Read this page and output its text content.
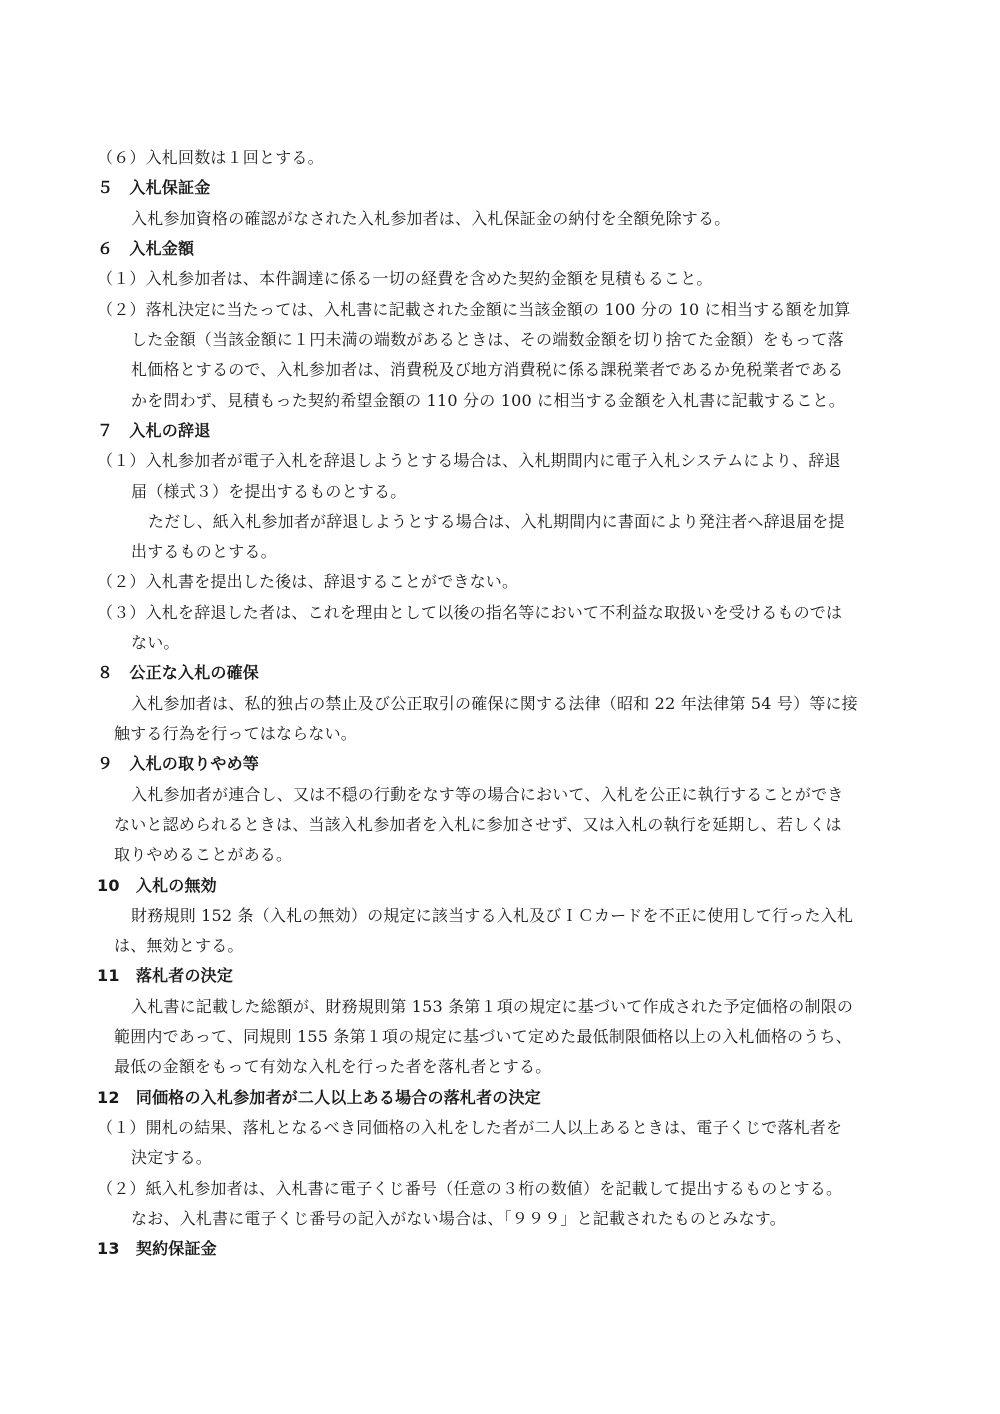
（６）入札回数は１回とする。
５　入札保証金
入札参加資格の確認がなされた入札参加者は、入札保証金の納付を全額免除する。
６　入札金額
（１）入札参加者は、本件調達に係る一切の経費を含めた契約金額を見積もること。
（２）落札決定に当たっては、入札書に記載された金額に当該金額の 100 分の 10 に相当する額を加算
した金額（当該金額に１円未満の端数があるときは、その端数金額を切り捨てた金額）をもって落
札価格とするので、入札参加者は、消費税及び地方消費税に係る課税業者であるか免税業者である
かを問わず、見積もった契約希望金額の 110 分の 100 に相当する金額を入札書に記載すること。
７　入札の辞退
（１）入札参加者が電子入札を辞退しようとする場合は、入札期間内に電子入札システムにより、辞退
届（様式３）を提出するものとする。
ただし、紙入札参加者が辞退しようとする場合は、入札期間内に書面により発注者へ辞退届を提
出するものとする。
（２）入札書を提出した後は、辞退することができない。
（３）入札を辞退した者は、これを理由として以後の指名等において不利益な取扱いを受けるものでは
ない。
８　公正な入札の確保
入札参加者は、私的独占の禁止及び公正取引の確保に関する法律（昭和 22 年法律第 54 号）等に接
触する行為を行ってはならない。
９　入札の取りやめ等
入札参加者が連合し、又は不穏の行動をなす等の場合において、入札を公正に執行することができ
ないと認められるときは、当該入札参加者を入札に参加させず、又は入札の執行を延期し、若しくは
取りやめることがある。
10　入札の無効
財務規則 152 条（入札の無効）の規定に該当する入札及びＩＣカードを不正に使用して行った入札
は、無効とする。
11　落札者の決定
入札書に記載した総額が、財務規則第 153 条第１項の規定に基づいて作成された予定価格の制限の
範囲内であって、同規則 155 条第１項の規定に基づいて定めた最低制限価格以上の入札価格のうち、
最低の金額をもって有効な入札を行った者を落札者とする。
12　同価格の入札参加者が二人以上ある場合の落札者の決定
（１）開札の結果、落札となるべき同価格の入札をした者が二人以上あるときは、電子くじで落札者を
決定する。
（２）紙入札参加者は、入札書に電子くじ番号（任意の３桁の数値）を記載して提出するものとする。
なお、入札書に電子くじ番号の記入がない場合は、「９９９」と記載されたものとみなす。
13　契約保証金
